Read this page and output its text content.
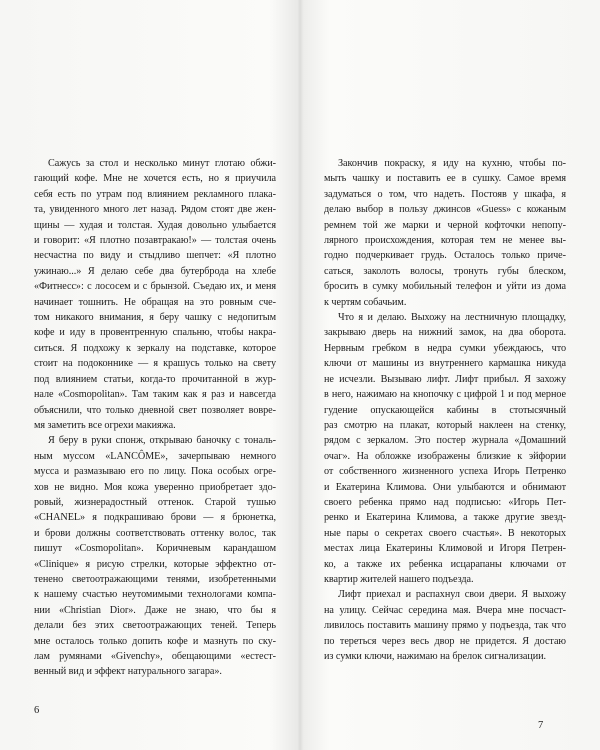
Сажусь за стол и несколько минут глотаю обжи-
гающий кофе. Мне не хочется есть, но я приучила
себя есть по утрам под влиянием рекламного плака-
та, увиденного много лет назад. Рядом стоят две жен-
щины — худая и толстая. Худая довольно улыбается
и говорит: «Я плотно позавтракаю!» — толстая очень
несчастна по виду и стыдливо шепчет: «Я плотно
ужинаю...» Я делаю себе два бутерброда на хлебе
«Фитнесс»: с лососем и с брынзой. Съедаю их, и меня
начинает тошнить. Не обращая на это ровным сче-
том никакого внимания, я беру чашку с недопитым
кофе и иду в провентренную спальню, чтобы накра-
ситься. Я подхожу к зеркалу на подставке, которое
стоит на подоконнике — я крашусь только на свету
под влиянием статьи, когда-то прочитанной в жур-
нале «Cosmopolitan». Там таким как я раз и навсегда
объяснили, что только дневной свет позволяет вовре-
мя заметить все огрехи макияжа.

Я беру в руки спонж, открываю баночку с тональ-
ным муссом «LANCÔME», зачерпываю немного
мусса и размазываю его по лицу. Пока особых огре-
хов не видно. Моя кожа уверенно приобретает здо-
ровый, жизнерадостный оттенок. Старой тушью
«CHANEL» я подкрашиваю брови — я брюнетка,
и брови должны соответствовать оттенку волос, так
пишут «Cosmopolitan». Коричневым карандашом
«Clinique» я рисую стрелки, которые эффектно от-
тенено светоотражающими тенями, изобретенными
к нашему счастью неутомимыми технологами компа-
нии «Christian Dior». Даже не знаю, что бы я
делали без этих светоотражающих теней. Теперь
мне осталось только допить кофе и мазнуть по ску-
лам румянами «Givenchy», обещающими «естест-
венный вид и эффект натурального загара».

6

Закончив покраску, я иду на кухню, чтобы по-
мыть чашку и поставить ее в сушку. Самое время
задуматься о том, что надеть. Постояв у шкафа, я
делаю выбор в пользу джинсов «Guess» с кожаным
ремнем той же марки и черной кофточки непопу-
лярного происхождения, которая тем не менее вы-
годно подчеркивает грудь. Осталось только приче-
саться, заколоть волосы, тронуть губы блеском,
бросить в сумку мобильный телефон и уйти из дома
к чертям собачьим.

Что я и делаю. Выхожу на лестничную площадку,
закрываю дверь на нижний замок, на два оборота.
Нервным гребком в недра сумки убеждаюсь, что
ключи от машины из внутреннего кармашка никуда
не исчезли. Вызываю лифт. Лифт прибыл. Я захожу
в него, нажимаю на кнопочку с цифрой 1 и под мерное
гудение опускающейся кабины в стотысячный
раз смотрю на плакат, который наклеен на стенку,
рядом с зеркалом. Это постер журнала «Домашний
очаг». На обложке изображены близкие к эйфории
от собственного жизненного успеха Игорь Петренко
и Екатерина Климова. Они улыбаются и обнимают
своего ребенка прямо над подписью: «Игорь Пет-
ренко и Екатерина Климова, а также другие звезд-
ные пары о секретах своего счастья». В некоторых
местах лица Екатерины Климовой и Игоря Петрен-
ко, а также их ребенка исцарапаны ключами от
квартир жителей нашего подъезда.

Лифт приехал и распахнул свои двери. Я выхожу
на улицу. Сейчас середина мая. Вчера мне посчаст-
ливилось поставить машину прямо у подъезда, так что
по тереться через весь двор не придется. Я достаю
из сумки ключи, нажимаю на брелок сигнализации.

7
